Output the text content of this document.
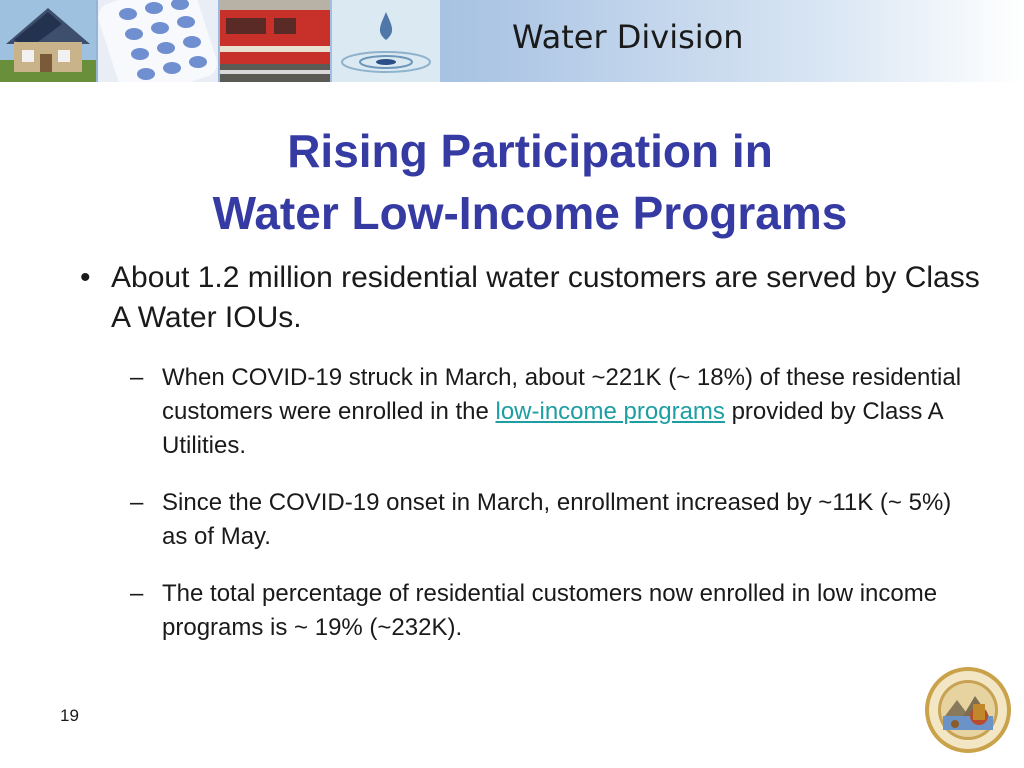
Water Division
Rising Participation in
Water Low-Income Programs
• About 1.2 million residential water customers are served by Class A Water IOUs.
– When COVID-19 struck in March, about ~221K (~ 18%) of these residential customers were enrolled in the low-income programs provided by Class A Utilities.
– Since the COVID-19 onset in March, enrollment increased by ~11K (~ 5%) as of May.
– The total percentage of residential customers now enrolled in low income programs is ~ 19% (~232K).
19
